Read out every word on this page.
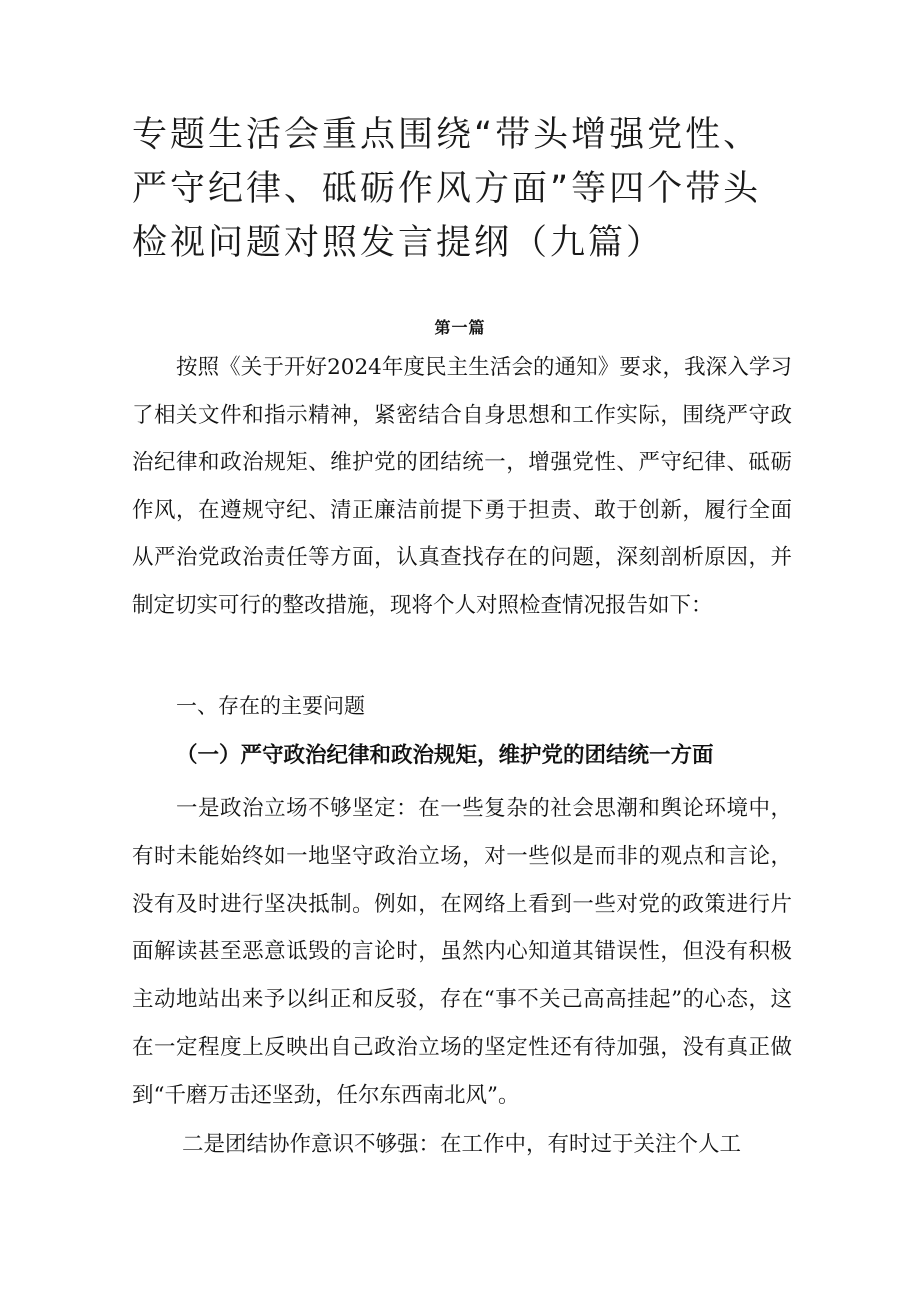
专题生活会重点围绕“带头增强党性、严守纪律、砥砺作风方面”等四个带头检视问题对照发言提纲（九篇）
第一篇

按照《关于开好2024年度民主生活会的通知》要求，我深入学习了相关文件和指示精神，紧密结合自身思想和工作实际，围绕严守政治纪律和政治规矩、维护党的团结统一，增强党性、严守纪律、砥砺作风，在遵规守纪、清正廉洁前提下勇于担责、敢于创新，履行全面从严治党政治责任等方面，认真查找存在的问题，深刻剖析原因，并制定切实可行的整改措施，现将个人对照检查情况报告如下：

一、存在的主要问题
（一）严守政治纪律和政治规矩，维护党的团结统一方面

一是政治立场不够坚定：在一些复杂的社会思潮和舆论环境中，有时未能始终如一地坚守政治立场，对一些似是而非的观点和言论，没有及时进行坚决抵制。例如，在网络上看到一些对党的政策进行片面解读甚至恶意诋毁的言论时，虽然内心知道其错误性，但没有积极主动地站出来予以纠正和反驳，存在“事不关己高高挂起”的心态，这在一定程度上反映出自己政治立场的坚定性还有待加强，没有真正做到“千磨万击还坚劲，任尔东西南北风”。

二是团结协作意识不够强：在工作中，有时过于关注个人工
